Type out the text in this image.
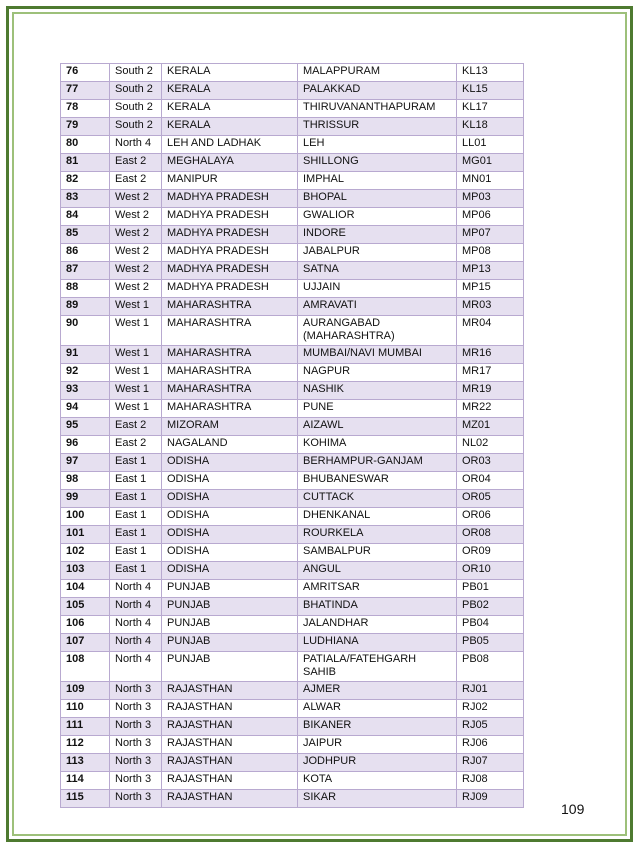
76	South 2	KERALA	MALAPPURAM	KL13
77	South 2	KERALA	PALAKKAD	KL15
78	South 2	KERALA	THIRUVANANTHAPURAM	KL17
79	South 2	KERALA	THRISSUR	KL18
80	North 4	LEH AND LADHAK	LEH	LL01
81	East 2	MEGHALAYA	SHILLONG	MG01
82	East 2	MANIPUR	IMPHAL	MN01
83	West 2	MADHYA PRADESH	BHOPAL	MP03
84	West 2	MADHYA PRADESH	GWALIOR	MP06
85	West 2	MADHYA PRADESH	INDORE	MP07
86	West 2	MADHYA PRADESH	JABALPUR	MP08
87	West 2	MADHYA PRADESH	SATNA	MP13
88	West 2	MADHYA PRADESH	UJJAIN	MP15
89	West 1	MAHARASHTRA	AMRAVATI	MR03
90	West 1	MAHARASHTRA	AURANGABAD (MAHARASHTRA)	MR04
91	West 1	MAHARASHTRA	MUMBAI/NAVI MUMBAI	MR16
92	West 1	MAHARASHTRA	NAGPUR	MR17
93	West 1	MAHARASHTRA	NASHIK	MR19
94	West 1	MAHARASHTRA	PUNE	MR22
95	East 2	MIZORAM	AIZAWL	MZ01
96	East 2	NAGALAND	KOHIMA	NL02
97	East 1	ODISHA	BERHAMPUR-GANJAM	OR03
98	East 1	ODISHA	BHUBANESWAR	OR04
99	East 1	ODISHA	CUTTACK	OR05
100	East 1	ODISHA	DHENKANAL	OR06
101	East 1	ODISHA	ROURKELA	OR08
102	East 1	ODISHA	SAMBALPUR	OR09
103	East 1	ODISHA	ANGUL	OR10
104	North 4	PUNJAB	AMRITSAR	PB01
105	North 4	PUNJAB	BHATINDA	PB02
106	North 4	PUNJAB	JALANDHAR	PB04
107	North 4	PUNJAB	LUDHIANA	PB05
108	North 4	PUNJAB	PATIALA/FATEHGARH SAHIB	PB08
109	North 3	RAJASTHAN	AJMER	RJ01
110	North 3	RAJASTHAN	ALWAR	RJ02
111	North 3	RAJASTHAN	BIKANER	RJ05
112	North 3	RAJASTHAN	JAIPUR	RJ06
113	North 3	RAJASTHAN	JODHPUR	RJ07
114	North 3	RAJASTHAN	KOTA	RJ08
115	North 3	RAJASTHAN	SIKAR	RJ09
109
